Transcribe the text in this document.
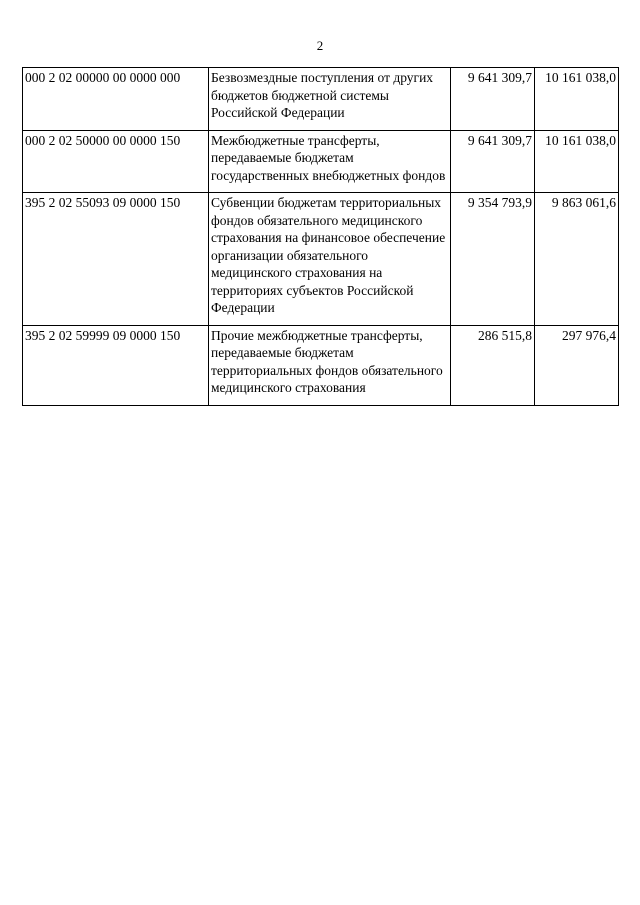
2
000 2 02 00000 00 0000 000	Безвозмездные поступления от других бюджетов бюджетной системы Российской Федерации	9 641 309,7	10 161 038,0
000 2 02 50000 00 0000 150	Межбюджетные трансферты, передаваемые бюджетам государственных внебюджетных фондов	9 641 309,7	10 161 038,0
395 2 02 55093 09 0000 150	Субвенции бюджетам территориальных фондов обязательного медицинского страхования на финансовое обеспечение организации обязательного медицинского страхования на территориях субъектов Российской Федерации	9 354 793,9	9 863 061,6
395 2 02 59999 09 0000 150	Прочие межбюджетные трансферты, передаваемые бюджетам территориальных фондов обязательного медицинского страхования	286 515,8	297 976,4
